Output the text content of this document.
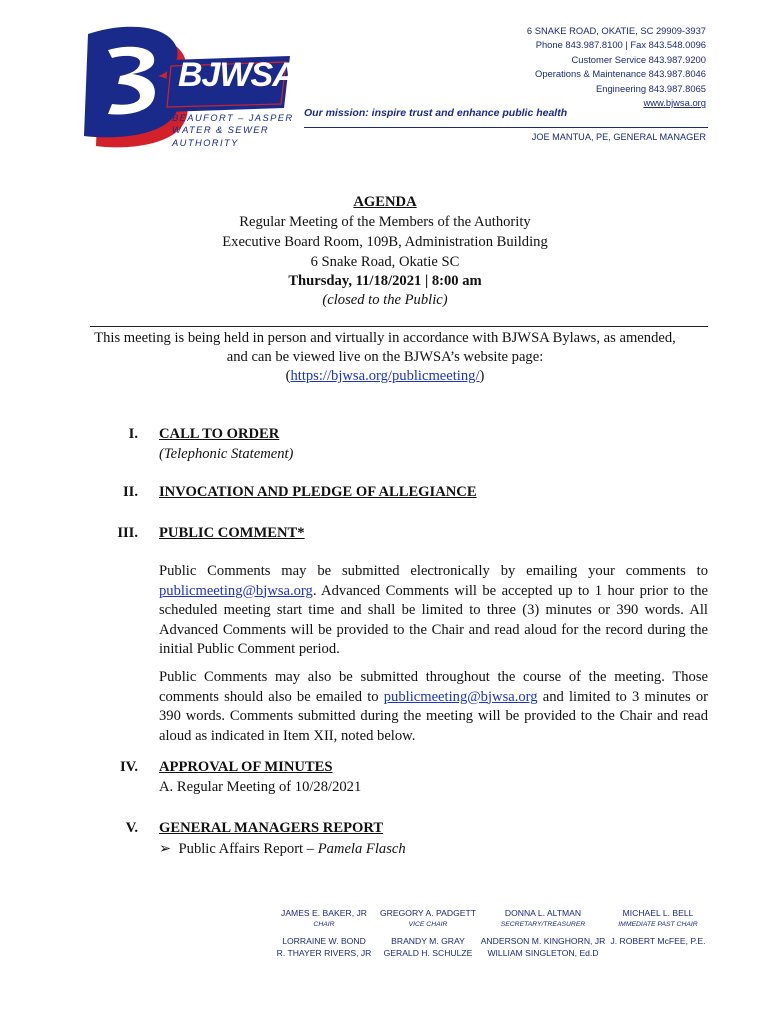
BJWSA
BEAUFORT – JASPER
WATER & SEWER
AUTHORITY
6 SNAKE ROAD, OKATIE, SC 29909-3937
Phone 843.987.8100 | Fax 843.548.0096
Customer Service 843.987.9200
Operations & Maintenance 843.987.8046
Engineering 843.987.8065
www.bjwsa.org
Our mission: inspire trust and enhance public health
JOE MANTUA, PE, GENERAL MANAGER
AGENDA
Regular Meeting of the Members of the Authority
Executive Board Room, 109B, Administration Building
6 Snake Road, Okatie SC
Thursday, 11/18/2021 | 8:00 am
(closed to the Public)
This meeting is being held in person and virtually in accordance with BJWSA Bylaws, as amended,
and can be viewed live on the BJWSA’s website page:
(https://bjwsa.org/publicmeeting/)
I. CALL TO ORDER
(Telephonic Statement)
II. INVOCATION AND PLEDGE OF ALLEGIANCE
III. PUBLIC COMMENT*
Public Comments may be submitted electronically by emailing your comments to
publicmeeting@bjwsa.org. Advanced Comments will be accepted up to 1 hour prior to the
scheduled meeting start time and shall be limited to three (3) minutes or 390 words. All
Advanced Comments will be provided to the Chair and read aloud for the record during the
initial Public Comment period.
Public Comments may also be submitted throughout the course of the meeting. Those
comments should also be emailed to publicmeeting@bjwsa.org and limited to 3 minutes or
390 words. Comments submitted during the meeting will be provided to the Chair and read
aloud as indicated in Item XII, noted below.
IV. APPROVAL OF MINUTES
A. Regular Meeting of 10/28/2021
V. GENERAL MANAGERS REPORT
➢ Public Affairs Report – Pamela Flasch
JAMES E. BAKER, JR
CHAIR
GREGORY A. PADGETT
VICE CHAIR
DONNA L. ALTMAN
SECRETARY/TREASURER
MICHAEL L. BELL
IMMEDIATE PAST CHAIR
LORRAINE W. BOND
R. THAYER RIVERS, JR
BRANDY M. GRAY
GERALD H. SCHULZE
ANDERSON M. KINGHORN, JR
WILLIAM SINGLETON, Ed.D
J. ROBERT McFEE, P.E.
